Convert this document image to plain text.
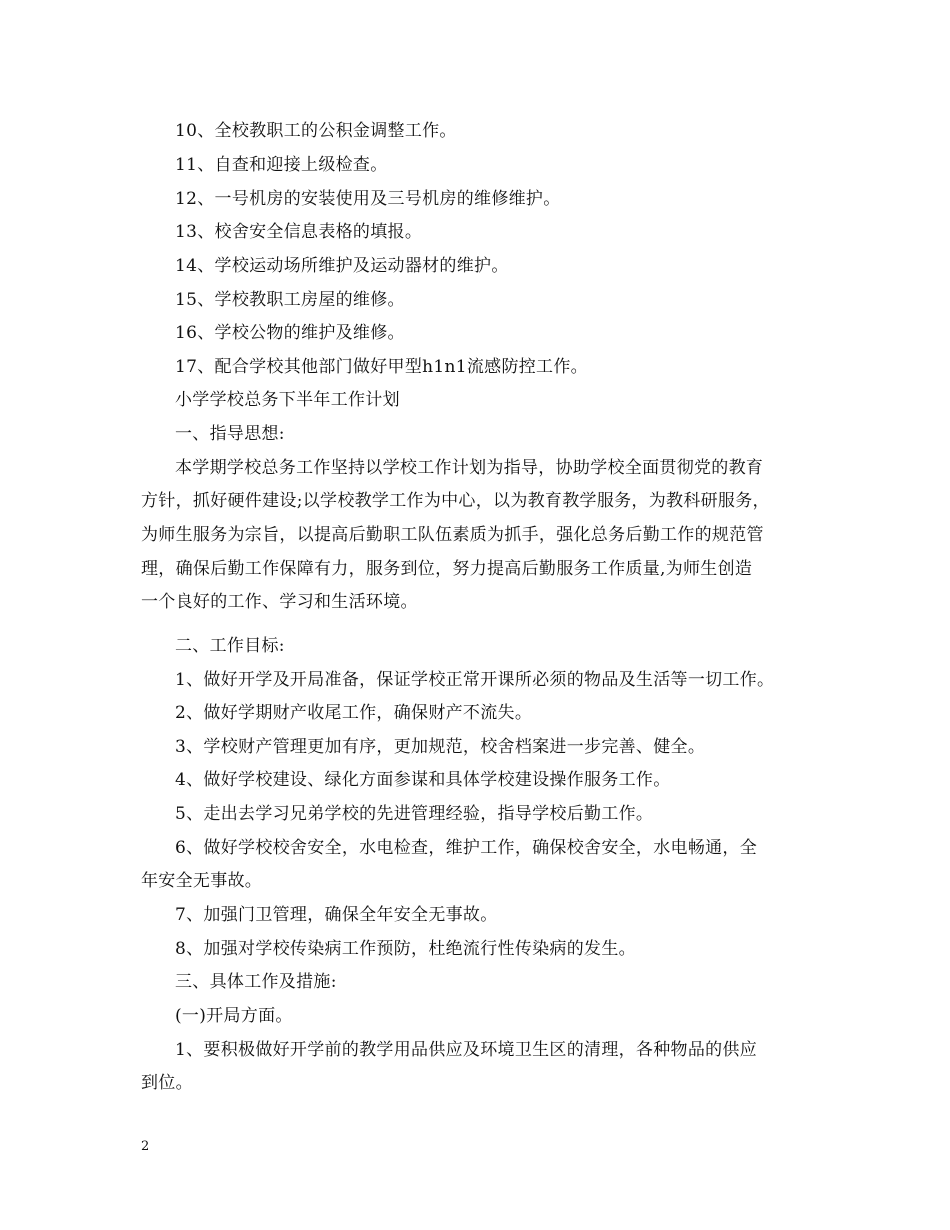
10、全校教职工的公积金调整工作。
11、自查和迎接上级检查。
12、一号机房的安装使用及三号机房的维修维护。
13、校舍安全信息表格的填报。
14、学校运动场所维护及运动器材的维护。
15、学校教职工房屋的维修。
16、学校公物的维护及维修。
17、配合学校其他部门做好甲型h1n1流感防控工作。
小学学校总务下半年工作计划
一、指导思想:
本学期学校总务工作坚持以学校工作计划为指导，协助学校全面贯彻党的教育
方针，抓好硬件建设;以学校教学工作为中心，以为教育教学服务，为教科研服务，
为师生服务为宗旨，以提高后勤职工队伍素质为抓手，强化总务后勤工作的规范管
理，确保后勤工作保障有力，服务到位，努力提高后勤服务工作质量,为师生创造
一个良好的工作、学习和生活环境。
二、工作目标:
1、做好开学及开局准备，保证学校正常开课所必须的物品及生活等一切工作。
2、做好学期财产收尾工作，确保财产不流失。
3、学校财产管理更加有序，更加规范，校舍档案进一步完善、健全。
4、做好学校建设、绿化方面参谋和具体学校建设操作服务工作。
5、走出去学习兄弟学校的先进管理经验，指导学校后勤工作。
6、做好学校校舍安全，水电检查，维护工作，确保校舍安全，水电畅通，全
年安全无事故。
7、加强门卫管理，确保全年安全无事故。
8、加强对学校传染病工作预防，杜绝流行性传染病的发生。
三、具体工作及措施:
(一)开局方面。
1、要积极做好开学前的教学用品供应及环境卫生区的清理，各种物品的供应
到位。
2
